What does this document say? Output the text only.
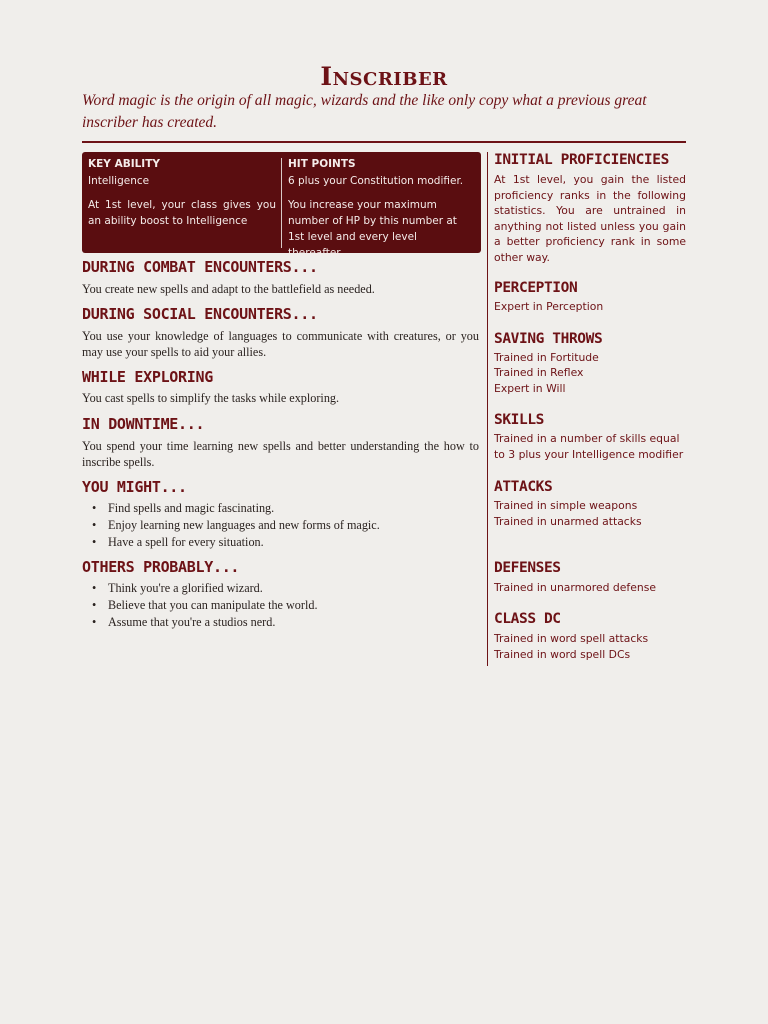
Inscriber
Word magic is the origin of all magic, wizards and the like only copy what a previous great inscriber has created.
KEY ABILITY
Intelligence
At 1st level, your class gives you an ability boost to Intelligence
HIT POINTS
6 plus your Constitution modifier.
You increase your maximum number of HP by this number at 1st level and every level thereafter.
DURING COMBAT ENCOUNTERS...
You create new spells and adapt to the battlefield as needed.
DURING SOCIAL ENCOUNTERS...
You use your knowledge of languages to communicate with creatures, or you may use your spells to aid your allies.
WHILE EXPLORING
You cast spells to simplify the tasks while exploring.
IN DOWNTIME...
You spend your time learning new spells and better understanding the how to inscribe spells.
YOU MIGHT...
• Find spells and magic fascinating.
• Enjoy learning new languages and new forms of magic.
• Have a spell for every situation.
OTHERS PROBABLY...
• Think you're a glorified wizard.
• Believe that you can manipulate the world.
• Assume that you're a studios nerd.
INITIAL PROFICIENCIES
At 1st level, you gain the listed proficiency ranks in the following statistics. You are untrained in anything not listed unless you gain a better proficiency rank in some other way.
PERCEPTION
Expert in Perception
SAVING THROWS
Trained in Fortitude
Trained in Reflex
Expert in Will
SKILLS
Trained in a number of skills equal to 3 plus your Intelligence modifier
ATTACKS
Trained in simple weapons
Trained in unarmed attacks
DEFENSES
Trained in unarmored defense
CLASS DC
Trained in word spell attacks
Trained in word spell DCs
